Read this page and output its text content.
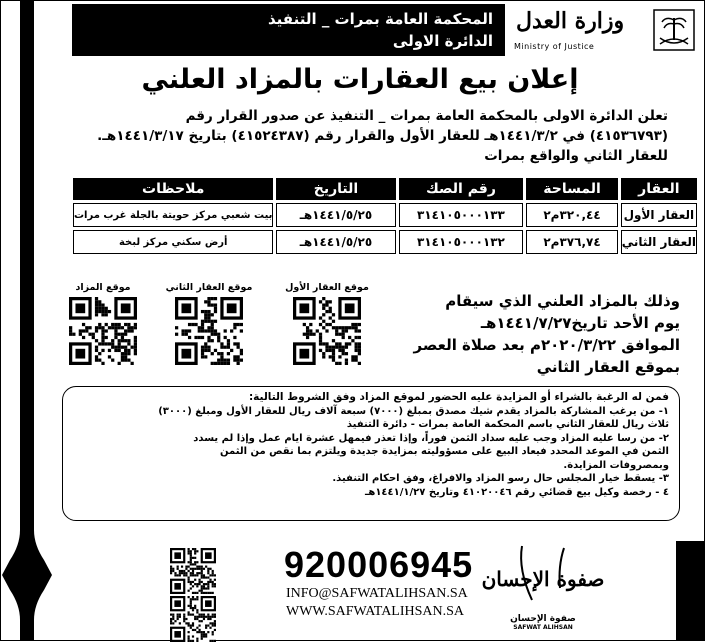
المحكمة العامة بمرات _ التنفيذ
الدائرة الاولى
وزارة العدل
Ministry of Justice
إعلان بيع العقارات بالمزاد العلني
تعلن الدائرة الاولى بالمحكمة العامة بمرات _ التنفيذ عن صدور القرار رقم
(٤١٥٣٦٧٩٣) في ١٤٤١/٣/٢هـ للعقار الأول والقرار رقم (٤١٥٢٤٣٨٧) بتاريخ ١٤٤١/٣/١٧هـ.
للعقار الثاني والواقع بمرات
العقار	المساحة	رقم الصك	التاريخ	ملاحظات
العقار الأول	٣٢٠,٤٤م٢	٣١٤١٠٥٠٠٠١٣٣	١٤٤١/٥/٢٥هـ	بيت شعبي مركز حويتة بالجلة غرب مرات
العقار الثاني	٣٧٦,٧٤م٢	٣١٤١٠٥٠٠٠١٣٢	١٤٤١/٥/٢٥هـ	أرض سكني مركز لبخة
موقع العقار الأول
موقع العقار الثاني
موقع المزاد
وذلك بالمزاد العلني الذي سيقام
يوم الأحد تاريخ١٤٤١/٧/٢٧هـ
الموافق ٢٠٢٠/٣/٢٢م بعد صلاة العصر
بموقع العقار الثاني
فمن له الرغبة بالشراء أو المزايدة عليه الحضور لموقع المزاد وفق الشروط التالية:
١- من يرغب المشاركة بالمزاد يقدم شيك مصدق بمبلغ (٧٠٠٠) سبعة آلاف ريال للعقار الأول ومبلغ (٣٠٠٠)
ثلاث ريال للعقار الثاني باسم المحكمة العامة بمرات - دائرة التنفيذ
٢- من رسا عليه المزاد وجب عليه سداد الثمن فوراً، وإذا تعذر فيمهل عشرة ايام عمل وإذا لم يسدد
الثمن في الموعد المحدد فيعاد البيع على مسؤوليته بمزايدة جديدة ويلتزم بما نقص من الثمن
وبمصروفات المزايدة.
٣- يسقط خيار المجلس حال رسو المزاد والافراغ، وفق احكام التنفيذ.
٤ - رخصة وكيل بيع قضائي رقم ٤١٠٢٠٠٤٦ وتاريخ ١٤٤١/١/٢٧هـ
920006945
INFO@SAFWATALIHSAN.SA
WWW.SAFWATALIHSAN.SA
صفوة الإحسان
صفوة الإحسان
SAFWAT ALIHSAN
